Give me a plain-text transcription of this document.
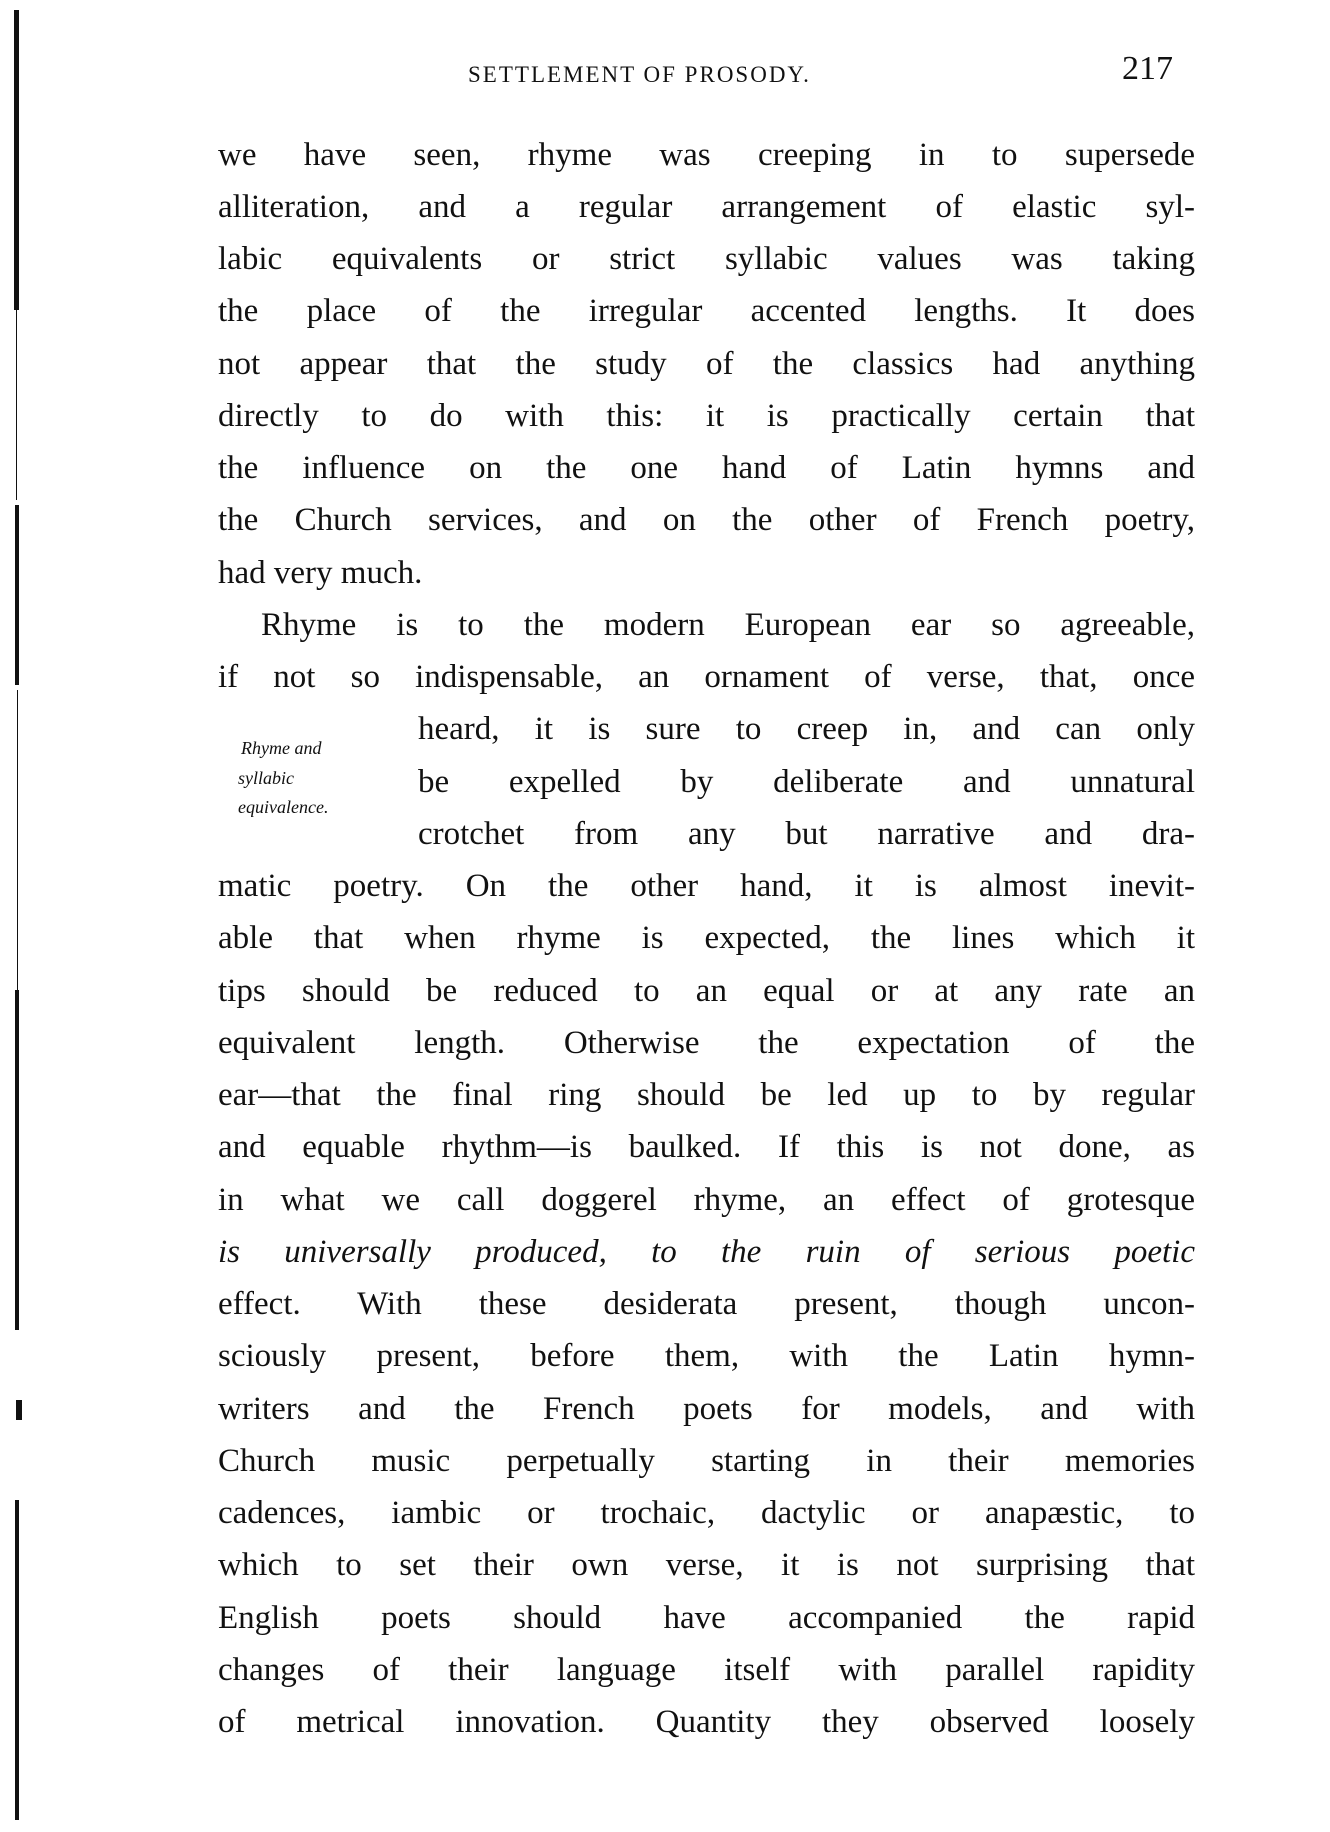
SETTLEMENT OF PROSODY.	217
Rhyme and
syllabic
equivalence.
we have seen, rhyme was creeping in to supersede
alliteration, and a regular arrangement of elastic syl-
labic equivalents or strict syllabic values was taking
the place of the irregular accented lengths. It does
not appear that the study of the classics had anything
directly to do with this: it is practically certain that
the influence on the one hand of Latin hymns and
the Church services, and on the other of French poetry,
had very much.
Rhyme is to the modern European ear so agreeable,
if not so indispensable, an ornament of verse, that, once
heard, it is sure to creep in, and can only
be expelled by deliberate and unnatural
crotchet from any but narrative and dra-
matic poetry. On the other hand, it is almost inevit-
able that when rhyme is expected, the lines which it
tips should be reduced to an equal or at any rate an
equivalent length. Otherwise the expectation of the
ear—that the final ring should be led up to by regular
and equable rhythm—is baulked. If this is not done, as
in what we call doggerel rhyme, an effect of grotesque
is universally produced, to the ruin of serious poetic
effect. With these desiderata present, though uncon-
sciously present, before them, with the Latin hymn-
writers and the French poets for models, and with
Church music perpetually starting in their memories
cadences, iambic or trochaic, dactylic or anapæstic, to
which to set their own verse, it is not surprising that
English poets should have accompanied the rapid
changes of their language itself with parallel rapidity
of metrical innovation. Quantity they observed loosely
